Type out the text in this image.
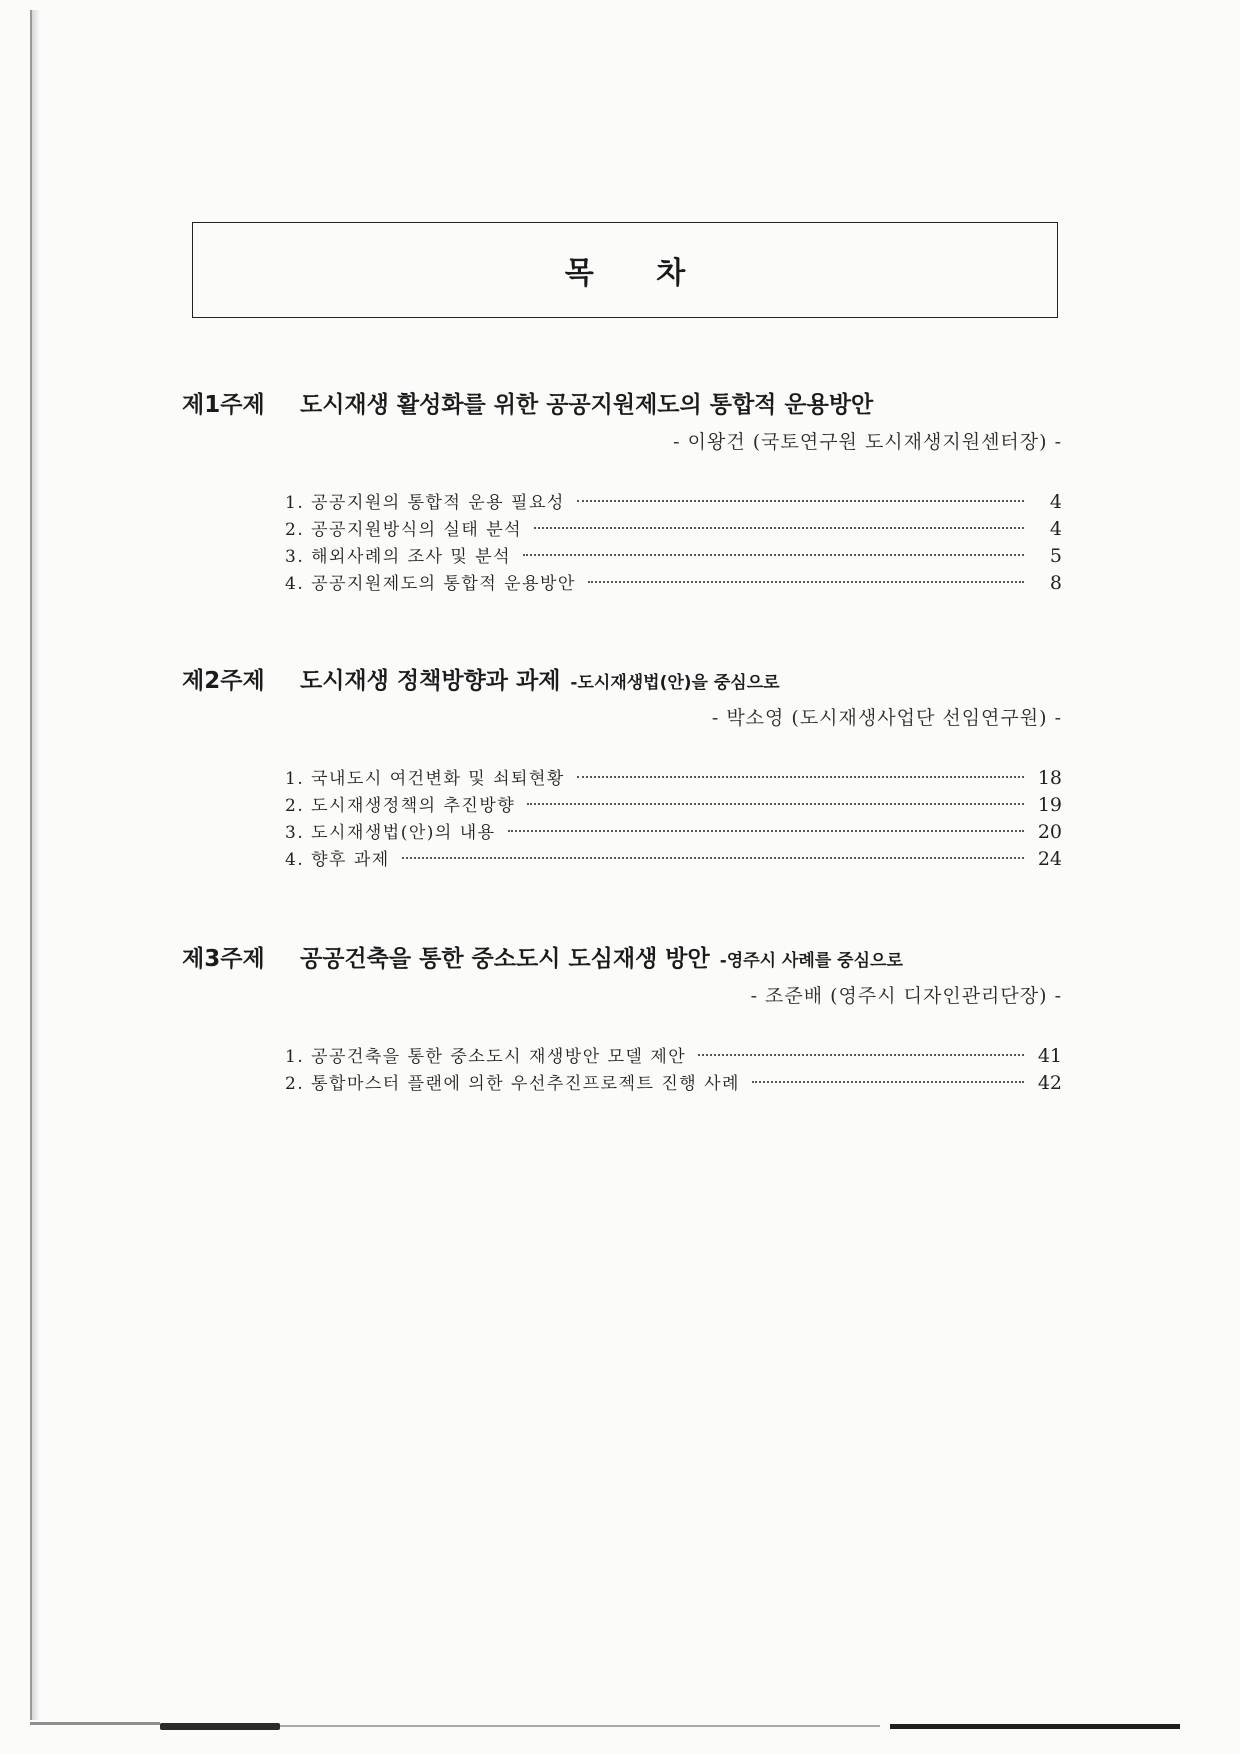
목 차
제1주제	도시재생 활성화를 위한 공공지원제도의 통합적 운용방안
- 이왕건 (국토연구원 도시재생지원센터장) -
1. 공공지원의 통합적 운용 필요성	4
2. 공공지원방식의 실태 분석	4
3. 해외사례의 조사 및 분석	5
4. 공공지원제도의 통합적 운용방안	8
제2주제	도시재생 정책방향과 과제 -도시재생법(안)을 중심으로
- 박소영 (도시재생사업단 선임연구원) -
1. 국내도시 여건변화 및 쇠퇴현황	18
2. 도시재생정책의 추진방향	19
3. 도시재생법(안)의 내용	20
4. 향후 과제	24
제3주제	공공건축을 통한 중소도시 도심재생 방안 -영주시 사례를 중심으로
- 조준배 (영주시 디자인관리단장) -
1. 공공건축을 통한 중소도시 재생방안 모델 제안	41
2. 통합마스터 플랜에 의한 우선추진프로젝트 진행 사례	42
